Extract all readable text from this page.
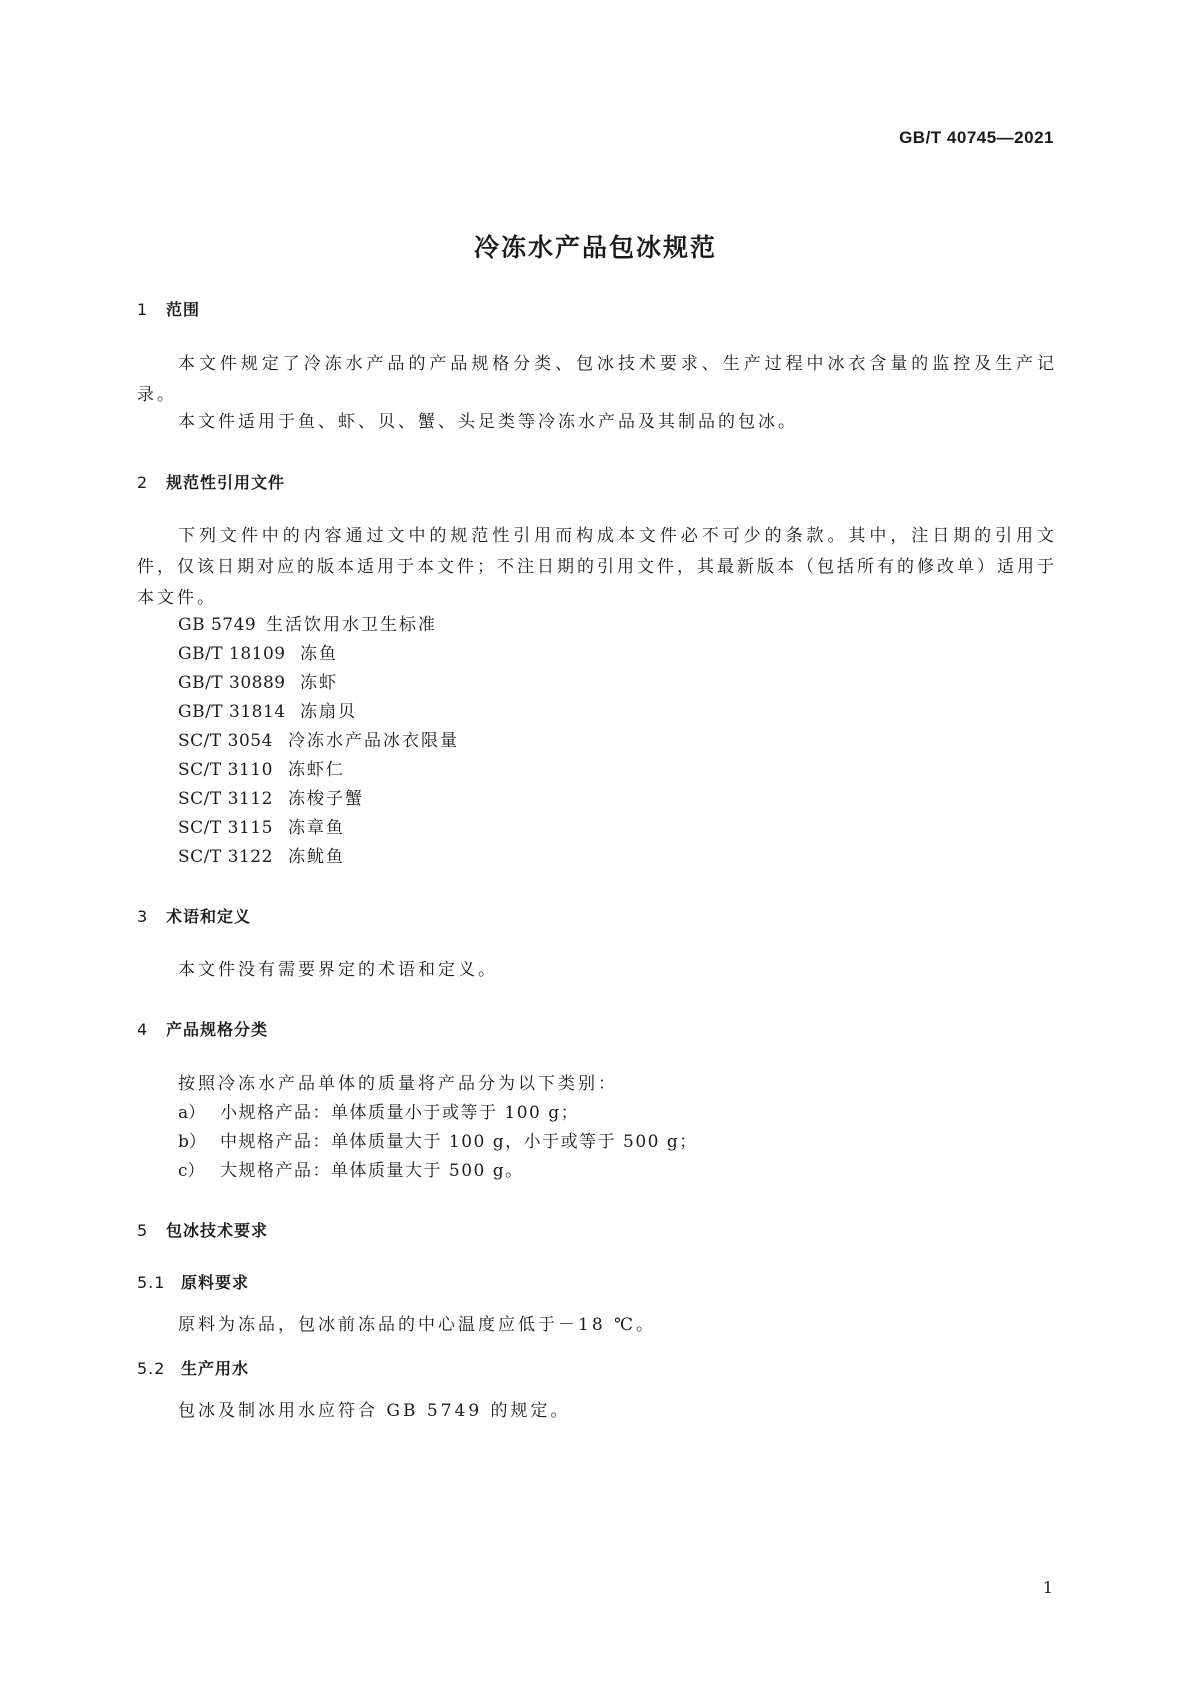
GB/T 40745—2021
冷冻水产品包冰规范
1 范围

本文件规定了冷冻水产品的产品规格分类、包冰技术要求、生产过程中冰衣含量的监控及生产记录。

本文件适用于鱼、虾、贝、蟹、头足类等冷冻水产品及其制品的包冰。

2 规范性引用文件

下列文件中的内容通过文中的规范性引用而构成本文件必不可少的条款。其中，注日期的引用文件，仅该日期对应的版本适用于本文件；不注日期的引用文件，其最新版本（包括所有的修改单）适用于本文件。

GB 5749 生活饮用水卫生标准
GB/T 18109 冻鱼
GB/T 30889 冻虾
GB/T 31814 冻扇贝
SC/T 3054 冷冻水产品冰衣限量
SC/T 3110 冻虾仁
SC/T 3112 冻梭子蟹
SC/T 3115 冻章鱼
SC/T 3122 冻鱿鱼
3 术语和定义

本文件没有需要界定的术语和定义。

4 产品规格分类

按照冷冻水产品单体的质量将产品分为以下类别：

a） 小规格产品：单体质量小于或等于 100 g；
b） 中规格产品：单体质量大于 100 g，小于或等于 500 g；
c） 大规格产品：单体质量大于 500 g。
5 包冰技术要求
5.1 原料要求

原料为冻品，包冰前冻品的中心温度应低于－18 ℃。

5.2 生产用水

包冰及制冰用水应符合 GB 5749 的规定。

1
